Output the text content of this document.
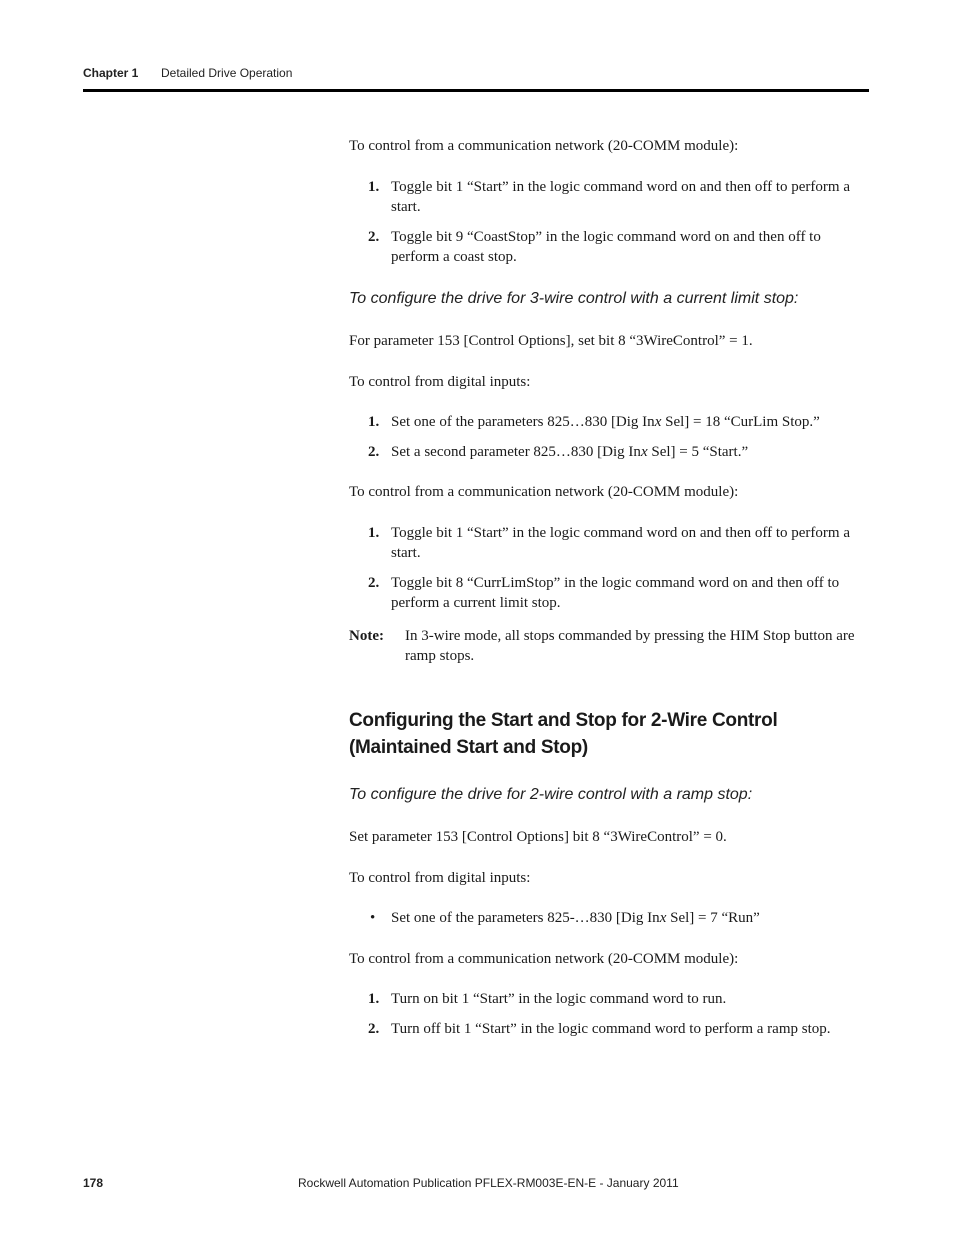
Chapter 1 Detailed Drive Operation
To control from a communication network (20-COMM module):
1. Toggle bit 1 “Start” in the logic command word on and then off to perform a start.
2. Toggle bit 9 “CoastStop” in the logic command word on and then off to perform a coast stop.
To configure the drive for 3-wire control with a current limit stop:
For parameter 153 [Control Options], set bit 8 “3WireControl” = 1.
To control from digital inputs:
1. Set one of the parameters 825…830 [Dig Inx Sel] = 18 “CurLim Stop.”
2. Set a second parameter 825…830 [Dig Inx Sel] = 5 “Start.”
To control from a communication network (20-COMM module):
1. Toggle bit 1 “Start” in the logic command word on and then off to perform a start.
2. Toggle bit 8 “CurrLimStop” in the logic command word on and then off to perform a current limit stop.
Note: In 3-wire mode, all stops commanded by pressing the HIM Stop button are ramp stops.
Configuring the Start and Stop for 2-Wire Control (Maintained Start and Stop)
To configure the drive for 2-wire control with a ramp stop:
Set parameter 153 [Control Options] bit 8 “3WireControl” = 0.
To control from digital inputs:
• Set one of the parameters 825-…830 [Dig Inx Sel] = 7 “Run”
To control from a communication network (20-COMM module):
1. Turn on bit 1 “Start” in the logic command word to run.
2. Turn off bit 1 “Start” in the logic command word to perform a ramp stop.
178	Rockwell Automation Publication PFLEX-RM003E-EN-E - January 2011
